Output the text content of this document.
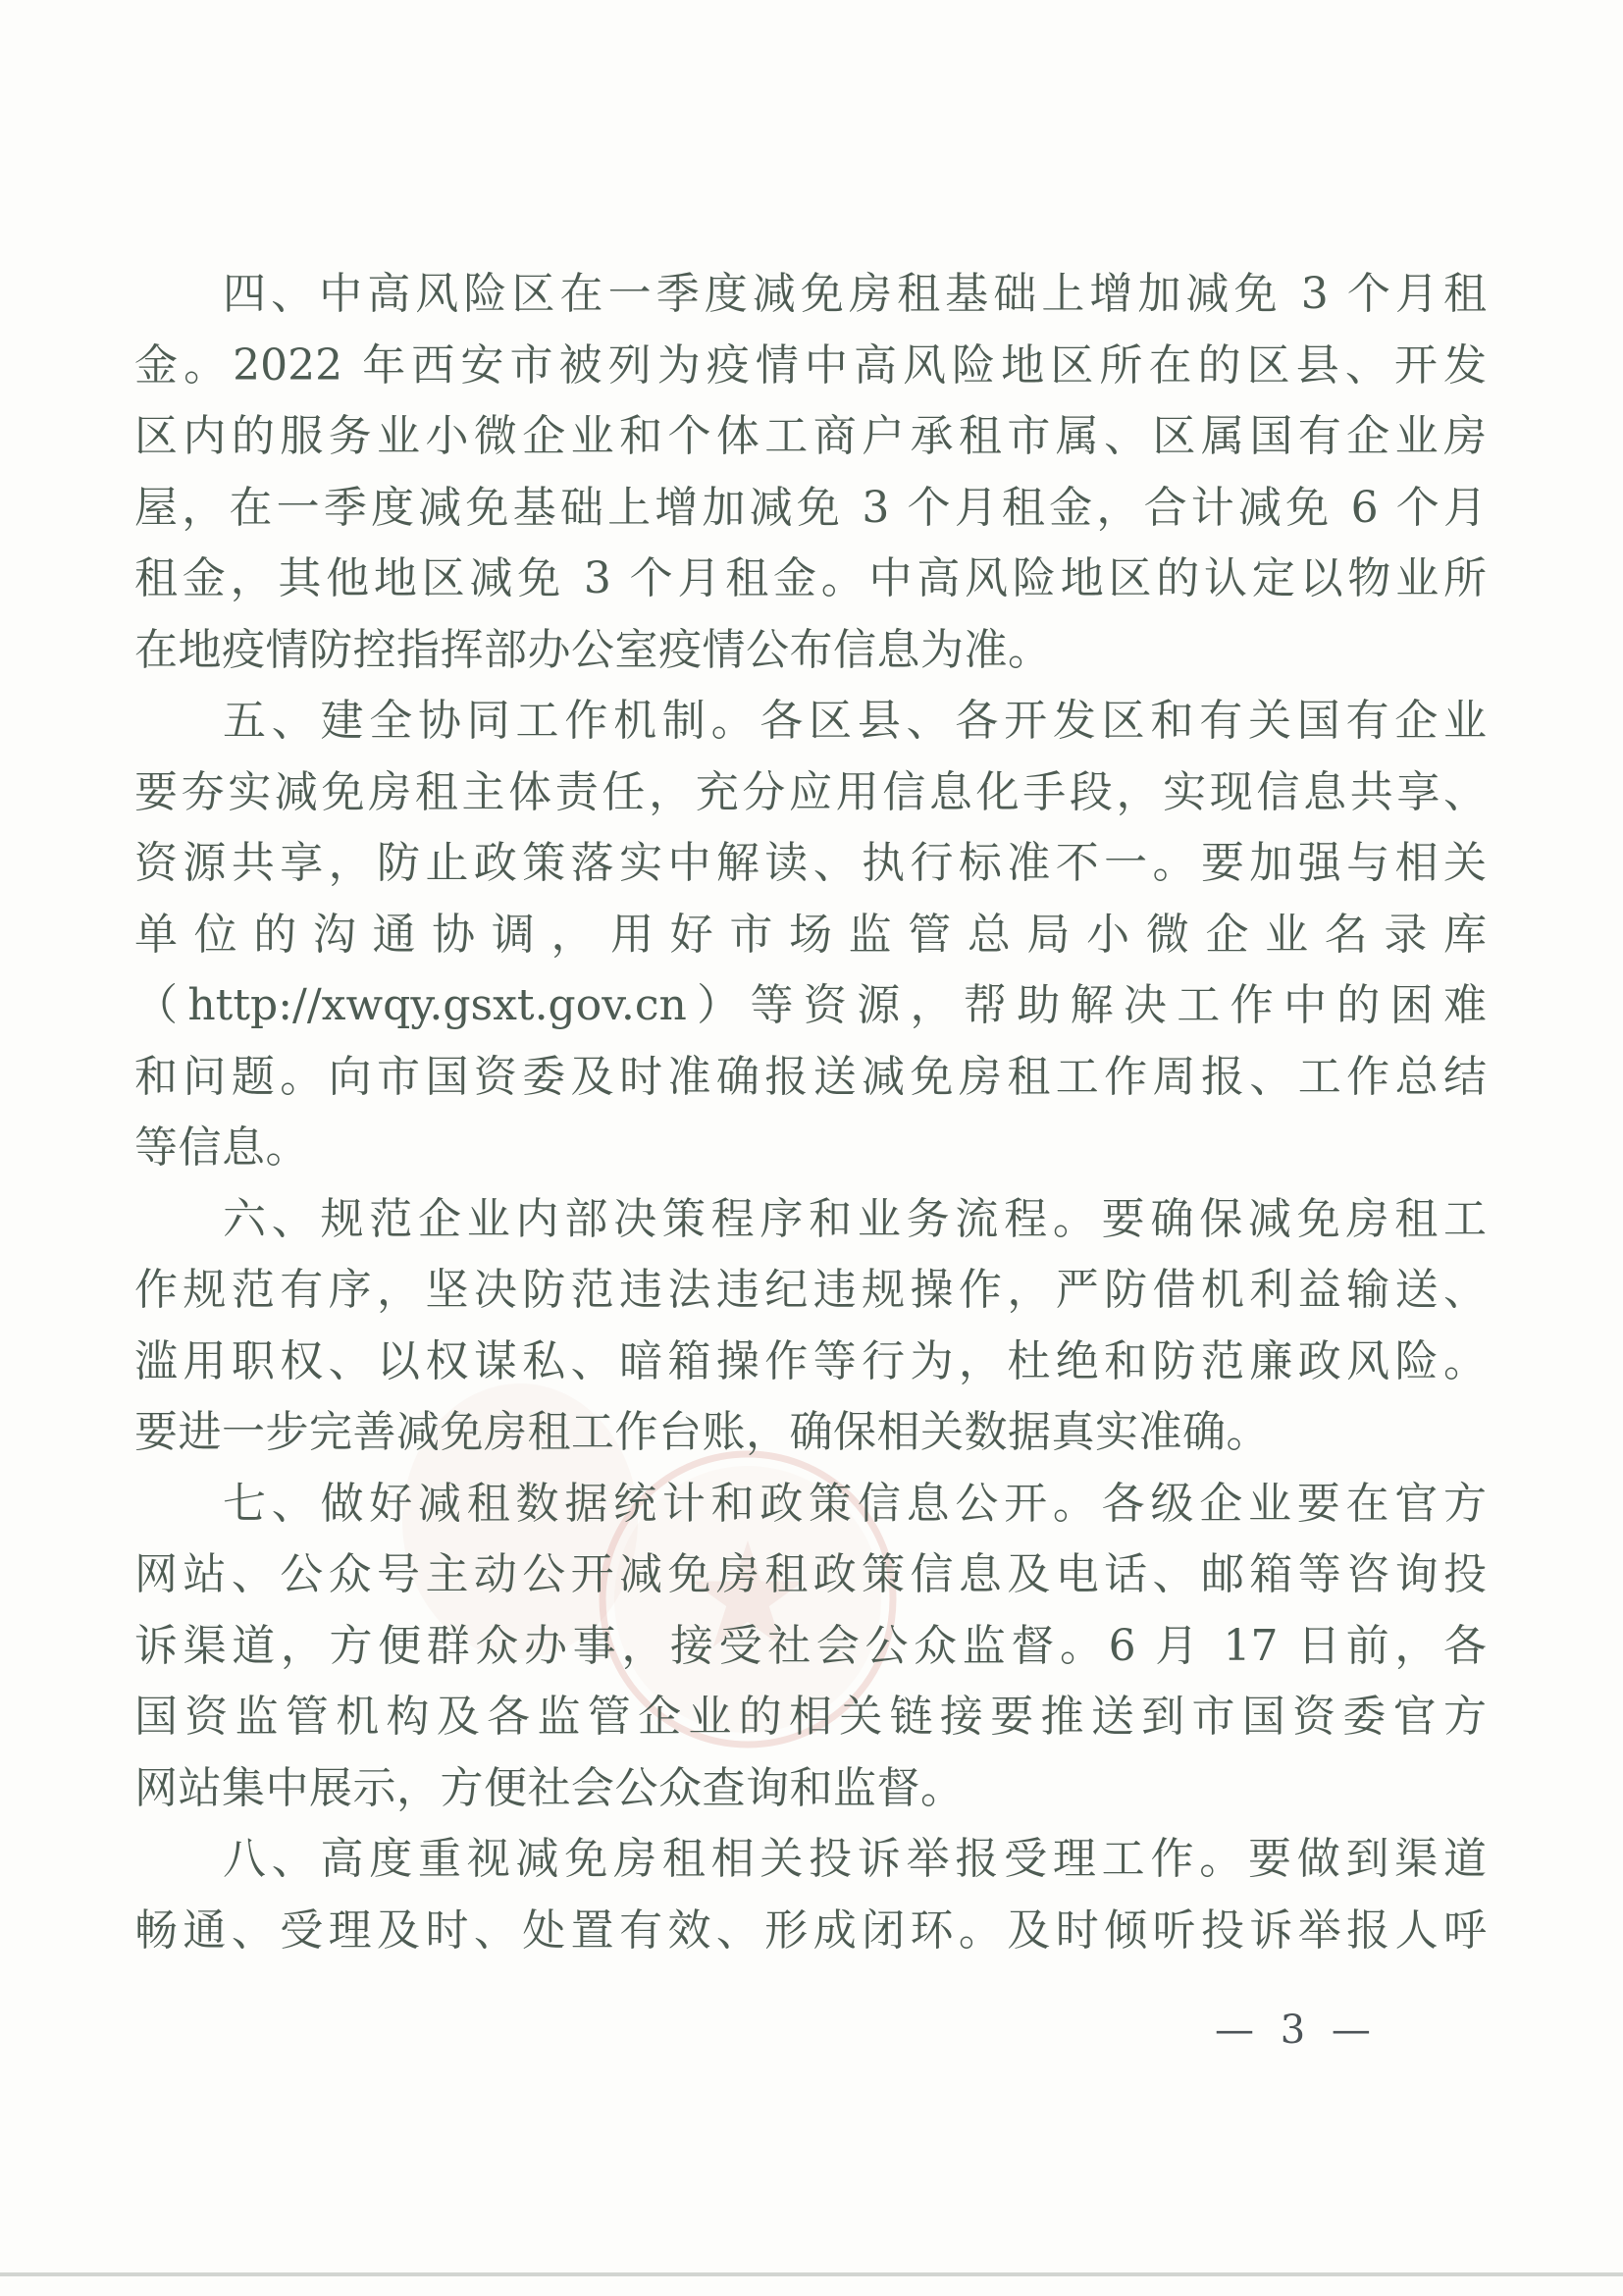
四、中高风险区在一季度减免房租基础上增加减免 3 个月租
金。2022 年西安市被列为疫情中高风险地区所在的区县、开发
区内的服务业小微企业和个体工商户承租市属、区属国有企业房
屋，在一季度减免基础上增加减免 3 个月租金，合计减免 6 个月
租金，其他地区减免 3 个月租金。中高风险地区的认定以物业所
在地疫情防控指挥部办公室疫情公布信息为准。

五、建全协同工作机制。各区县、各开发区和有关国有企业
要夯实减免房租主体责任，充分应用信息化手段，实现信息共享、
资源共享，防止政策落实中解读、执行标准不一。要加强与相关
单位的沟通协调，用好市场监管总局小微企业名录库
（http://xwqy.gsxt.gov.cn）等资源，帮助解决工作中的困难
和问题。向市国资委及时准确报送减免房租工作周报、工作总结
等信息。

六、规范企业内部决策程序和业务流程。要确保减免房租工
作规范有序，坚决防范违法违纪违规操作，严防借机利益输送、
滥用职权、以权谋私、暗箱操作等行为，杜绝和防范廉政风险。
要进一步完善减免房租工作台账，确保相关数据真实准确。

七、做好减租数据统计和政策信息公开。各级企业要在官方
网站、公众号主动公开减免房租政策信息及电话、邮箱等咨询投
诉渠道，方便群众办事，接受社会公众监督。6 月 17 日前，各
国资监管机构及各监管企业的相关链接要推送到市国资委官方
网站集中展示，方便社会公众查询和监督。

八、高度重视减免房租相关投诉举报受理工作。要做到渠道
畅通、受理及时、处置有效、形成闭环。及时倾听投诉举报人呼

— 3 —
